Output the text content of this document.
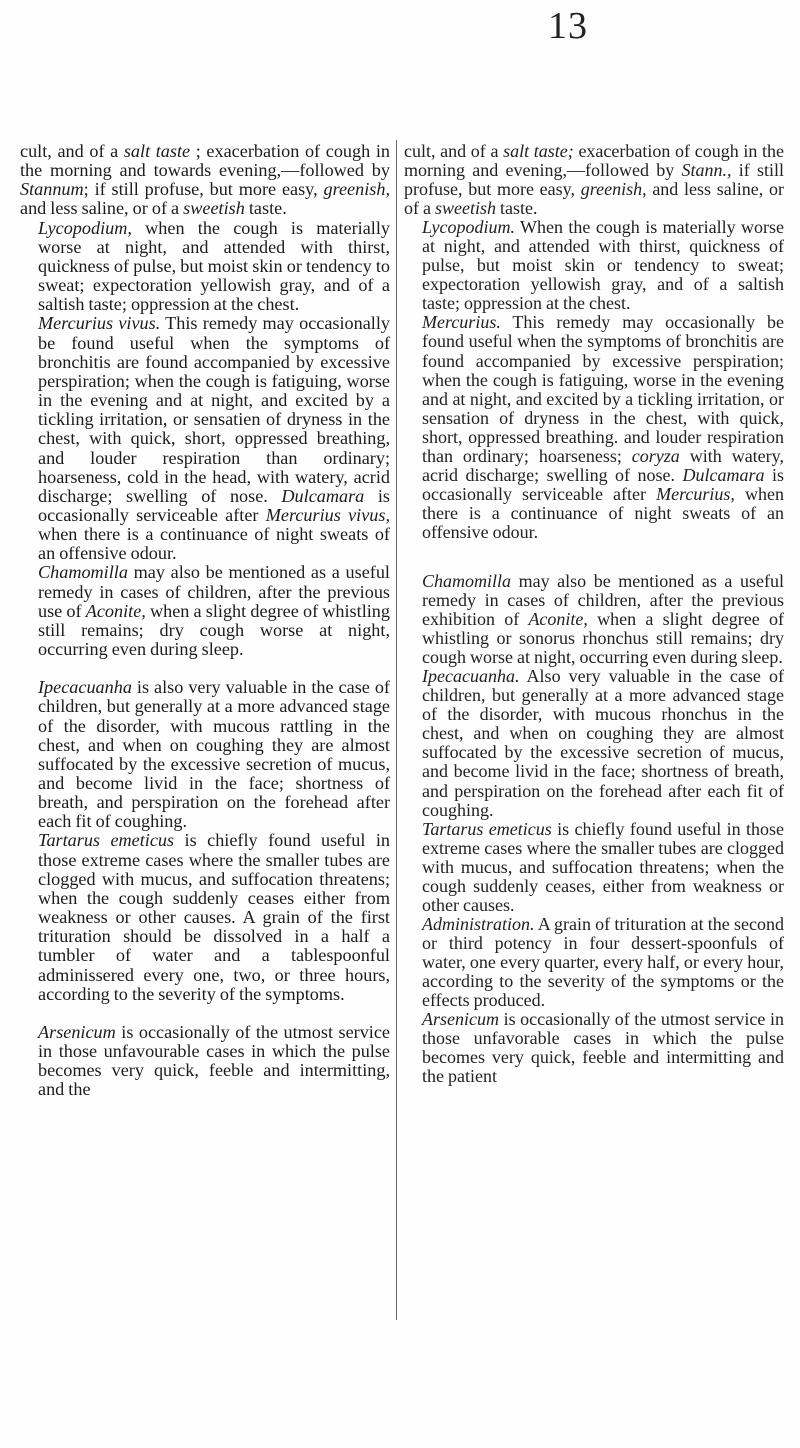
13

cult, and of a salt taste ; exacerbation of cough in the morning and towards evening,—followed by Stannum; if still profuse, but more easy, greenish, and less saline, or of a sweetish taste.

Lycopodium, when the cough is materially worse at night, and attended with thirst, quickness of pulse, but moist skin or tendency to sweat; expectoration yellowish gray, and of a saltish taste; oppression at the chest.

Mercurius vivus. This remedy may occasionally be found useful when the symptoms of bronchitis are found accompanied by excessive perspiration; when the cough is fatiguing, worse in the evening and at night, and excited by a tickling irritation, or sensatien of dryness in the chest, with quick, short, oppressed breathing, and louder respiration than ordinary; hoarseness, cold in the head, with watery, acrid discharge; swelling of nose. Dulcamara is occasionally serviceable after Mercurius vivus, when there is a continuance of night sweats of an offensive odour.

Chamomilla may also be mentioned as a useful remedy in cases of children, after the previous use of Aconite, when a slight degree of whistling still remains; dry cough worse at night, occurring even during sleep.

Ipecacuanha is also very valuable in the case of children, but generally at a more advanced stage of the disorder, with mucous rattling in the chest, and when on coughing they are almost suffocated by the excessive secretion of mucus, and become livid in the face; shortness of breath, and perspiration on the forehead after each fit of coughing.

Tartarus emeticus is chiefly found useful in those extreme cases where the smaller tubes are clogged with mucus, and suffocation threatens; when the cough suddenly ceases either from weakness or other causes. A grain of the first trituration should be dissolved in a half a tumbler of water and a tablespoonful adminissered every one, two, or three hours, according to the severity of the symptoms.

Arsenicum is occasionally of the utmost service in those unfavourable cases in which the pulse becomes very quick, feeble and intermitting, and the

cult, and of a salt taste; exacerbation of cough in the morning and evening,—followed by Stann., if still profuse, but more easy, greenish, and less saline, or of a sweetish taste.

Lycopodium. When the cough is materially worse at night, and attended with thirst, quickness of pulse, but moist skin or tendency to sweat; expectoration yellowish gray, and of a saltish taste; oppression at the chest.

Mercurius. This remedy may occasionally be found useful when the symptoms of bronchitis are found accompanied by excessive perspiration; when the cough is fatiguing, worse in the evening and at night, and excited by a tickling irritation, or sensation of dryness in the chest, with quick, short, oppressed breathing. and louder respiration than ordinary; hoarseness; coryza with watery, acrid discharge; swelling of nose. Dulcamara is occasionally serviceable after Mercurius, when there is a continuance of night sweats of an offensive odour.

Chamomilla may also be mentioned as a useful remedy in cases of children, after the previous exhibition of Aconite, when a slight degree of whistling or sonorus rhonchus still remains; dry cough worse at night, occurring even during sleep.

Ipecacuanha. Also very valuable in the case of children, but generally at a more advanced stage of the disorder, with mucous rhonchus in the chest, and when on coughing they are almost suffocated by the excessive secretion of mucus, and become livid in the face; shortness of breath, and perspiration on the forehead after each fit of coughing.

Tartarus emeticus is chiefly found useful in those extreme cases where the smaller tubes are clogged with mucus, and suffocation threatens; when the cough suddenly ceases, either from weakness or other causes.

Administration. A grain of trituration at the second or third potency in four dessert-spoonfuls of water, one every quarter, every half, or every hour, according to the severity of the symptoms or the effects produced.

Arsenicum is occasionally of the utmost service in those unfavorable cases in which the pulse becomes very quick, feeble and intermitting and the patient
